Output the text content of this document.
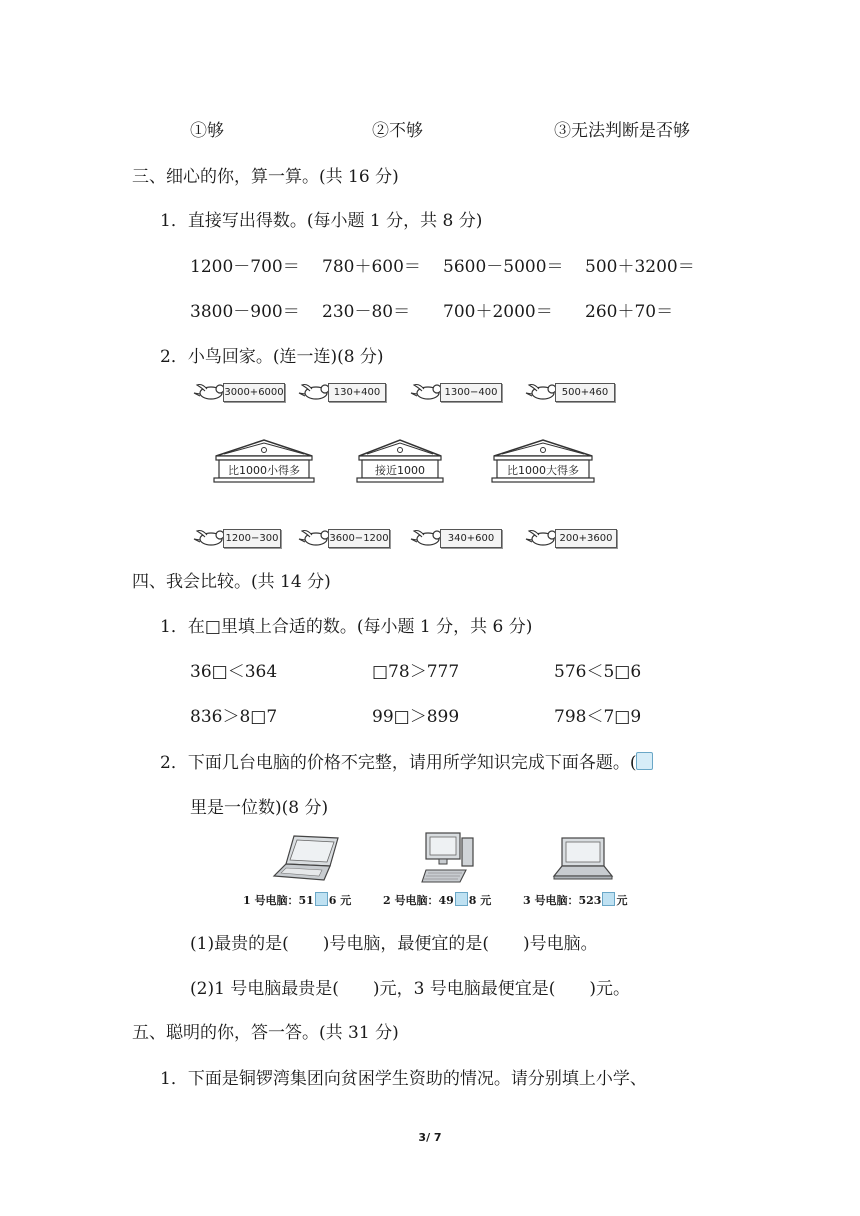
①够	②不够	③无法判断是否够
三、细心的你，算一算。(共 16 分)
1．直接写出得数。(每小题 1 分，共 8 分)
1200－700＝ 780＋600＝ 5600－5000＝ 500＋3200＝
3800－900＝ 230－80＝ 700＋2000＝ 260＋70＝
2．小鸟回家。(连一连)(8 分)
3000+6000	130+400	1300−400	500+460
比1000小得多	接近1000	比1000大得多
1200−300	3600−1200	340+600	200+3600
四、我会比较。(共 14 分)
1．在□里填上合适的数。(每小题 1 分，共 6 分)
36□＜364	□78＞777	576＜5□6
836＞8□7	99□＞899	798＜7□9
2．下面几台电脑的价格不完整，请用所学知识完成下面各题。(
里是一位数)(8 分)
1 号电脑：51 6 元	2 号电脑：49 8 元	3 号电脑：523 元
(1)最贵的是(　　)号电脑，最便宜的是(　　)号电脑。
(2)1 号电脑最贵是(　　)元，3 号电脑最便宜是(　　)元。
五、聪明的你，答一答。(共 31 分)
1．下面是铜锣湾集团向贫困学生资助的情况。请分别填上小学、
3/ 7
